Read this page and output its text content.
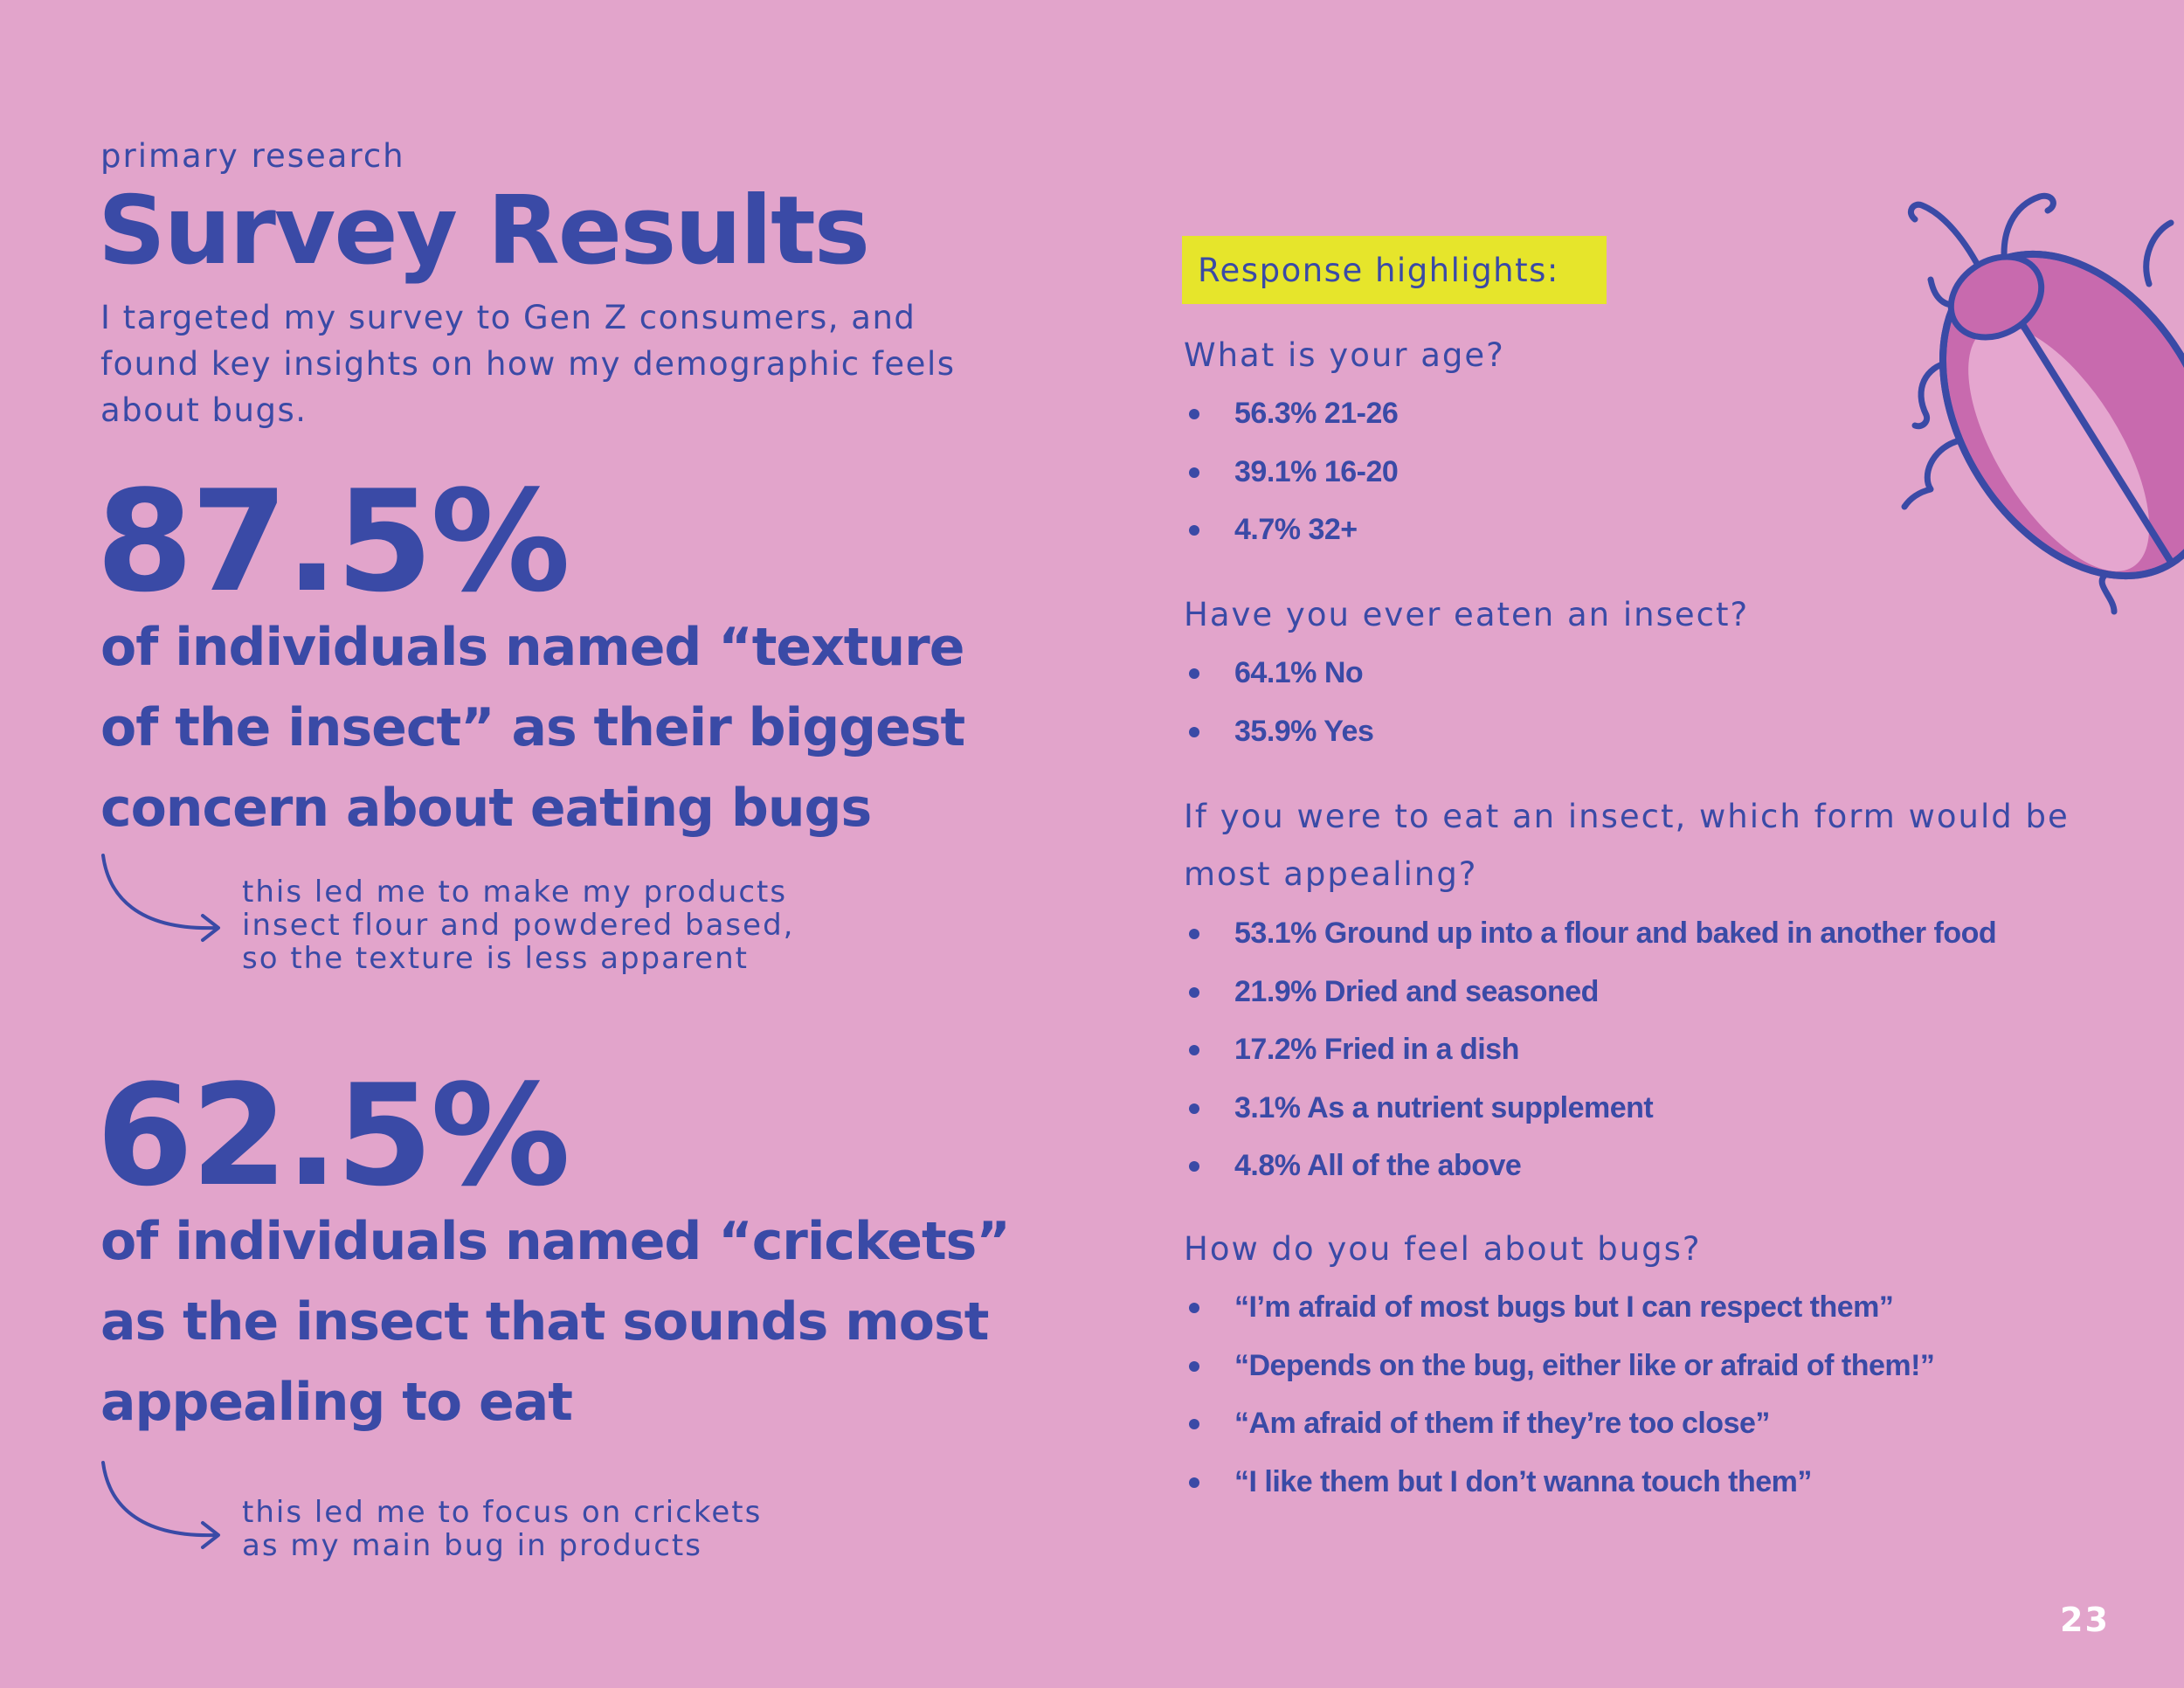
primary research
Survey Results
I targeted my survey to Gen Z consumers, and found key insights on how my demographic feels about bugs.
87.5%
of individuals named “texture
of the insect” as their biggest
concern about eating bugs
this led me to make my products
insect flour and powdered based,
so the texture is less apparent
62.5%
of individuals named “crickets”
as the insect that sounds most
appealing to eat
this led me to focus on crickets
as my main bug in products
Response highlights:
What is your age?
56.3% 21-26
39.1% 16-20
4.7% 32+
Have you ever eaten an insect?
64.1% No
35.9% Yes
If you were to eat an insect, which form would be most appealing?
53.1% Ground up into a flour and baked in another food
21.9% Dried and seasoned
17.2% Fried in a dish
3.1% As a nutrient supplement
4.8% All of the above
How do you feel about bugs?
“I’m afraid of most bugs but I can respect them”
“Depends on the bug, either like or afraid of them!”
“Am afraid of them if they’re too close”
“I like them but I don’t wanna touch them”
23
